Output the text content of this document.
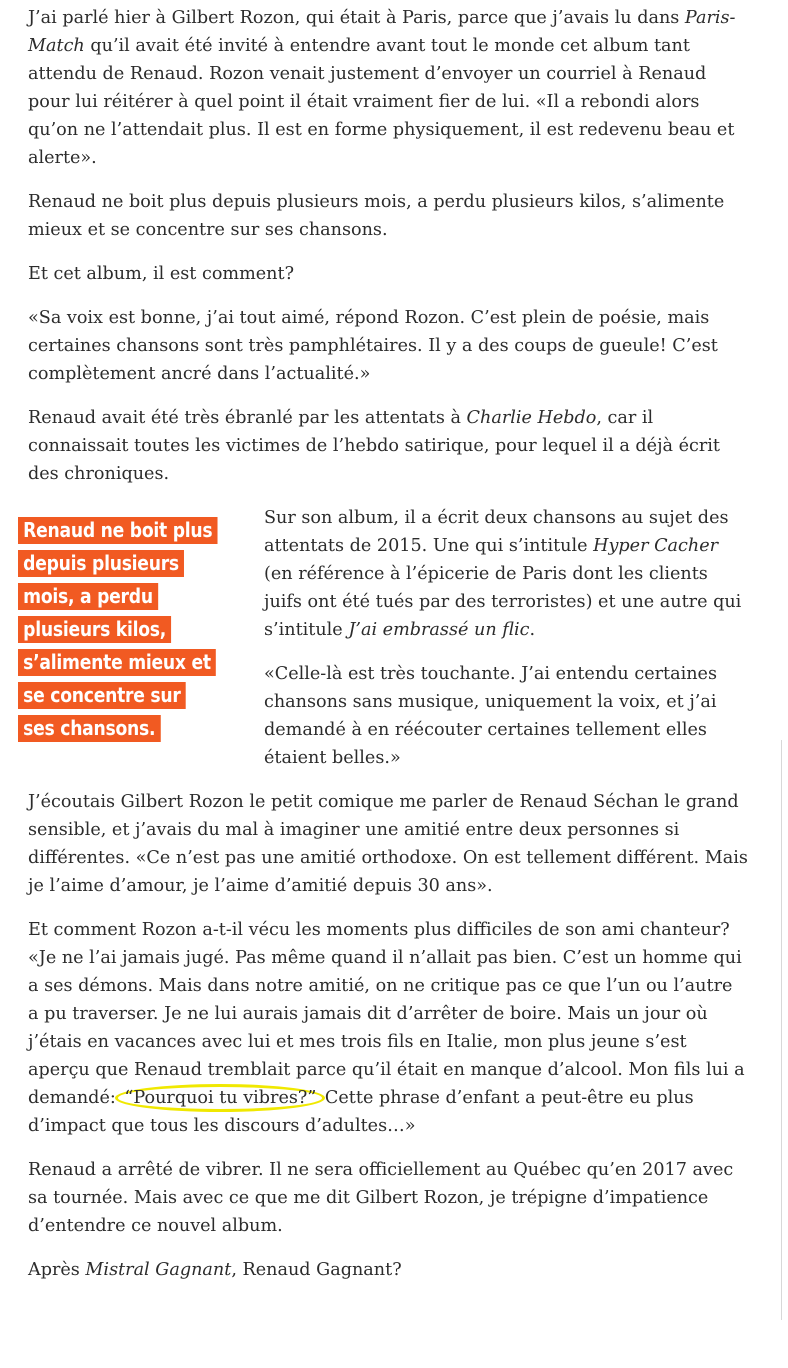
J’ai parlé hier à Gilbert Rozon, qui était à Paris, parce que j’avais lu dans Paris-Match qu’il avait été invité à entendre avant tout le monde cet album tant attendu de Renaud. Rozon venait justement d’envoyer un courriel à Renaud pour lui réitérer à quel point il était vraiment fier de lui. «Il a rebondi alors qu’on ne l’attendait plus. Il est en forme physiquement, il est redevenu beau et alerte».

Renaud ne boit plus depuis plusieurs mois, a perdu plusieurs kilos, s’alimente mieux et se concentre sur ses chansons.

Et cet album, il est comment?

«Sa voix est bonne, j’ai tout aimé, répond Rozon. C’est plein de poésie, mais certaines chansons sont très pamphlétaires. Il y a des coups de gueule! C’est complètement ancré dans l’actualité.»

Renaud avait été très ébranlé par les attentats à Charlie Hebdo, car il connaissait toutes les victimes de l’hebdo satirique, pour lequel il a déjà écrit des chroniques.

Renaud ne boit plus depuis plusieurs mois, a perdu plusieurs kilos, s’alimente mieux et se concentre sur ses chansons.

Sur son album, il a écrit deux chansons au sujet des attentats de 2015. Une qui s’intitule Hyper Cacher (en référence à l’épicerie de Paris dont les clients juifs ont été tués par des terroristes) et une autre qui s’intitule J’ai embrassé un flic.

«Celle-là est très touchante. J’ai entendu certaines chansons sans musique, uniquement la voix, et j’ai demandé à en réécouter certaines tellement elles étaient belles.»

J’écoutais Gilbert Rozon le petit comique me parler de Renaud Séchan le grand sensible, et j’avais du mal à imaginer une amitié entre deux personnes si différentes. «Ce n’est pas une amitié orthodoxe. On est tellement différent. Mais je l’aime d’amour, je l’aime d’amitié depuis 30 ans».

Et comment Rozon a-t-il vécu les moments plus difficiles de son ami chanteur? «Je ne l’ai jamais jugé. Pas même quand il n’allait pas bien. C’est un homme qui a ses démons. Mais dans notre amitié, on ne critique pas ce que l’un ou l’autre a pu traverser. Je ne lui aurais jamais dit d’arrêter de boire. Mais un jour où j’étais en vacances avec lui et mes trois fils en Italie, mon plus jeune s’est aperçu que Renaud tremblait parce qu’il était en manque d’alcool. Mon fils lui a demandé: “Pourquoi tu vibres?” Cette phrase d’enfant a peut-être eu plus d’impact que tous les discours d’adultes…»

Renaud a arrêté de vibrer. Il ne sera officiellement au Québec qu’en 2017 avec sa tournée. Mais avec ce que me dit Gilbert Rozon, je trépigne d’impatience d’entendre ce nouvel album.

Après Mistral Gagnant, Renaud Gagnant?
